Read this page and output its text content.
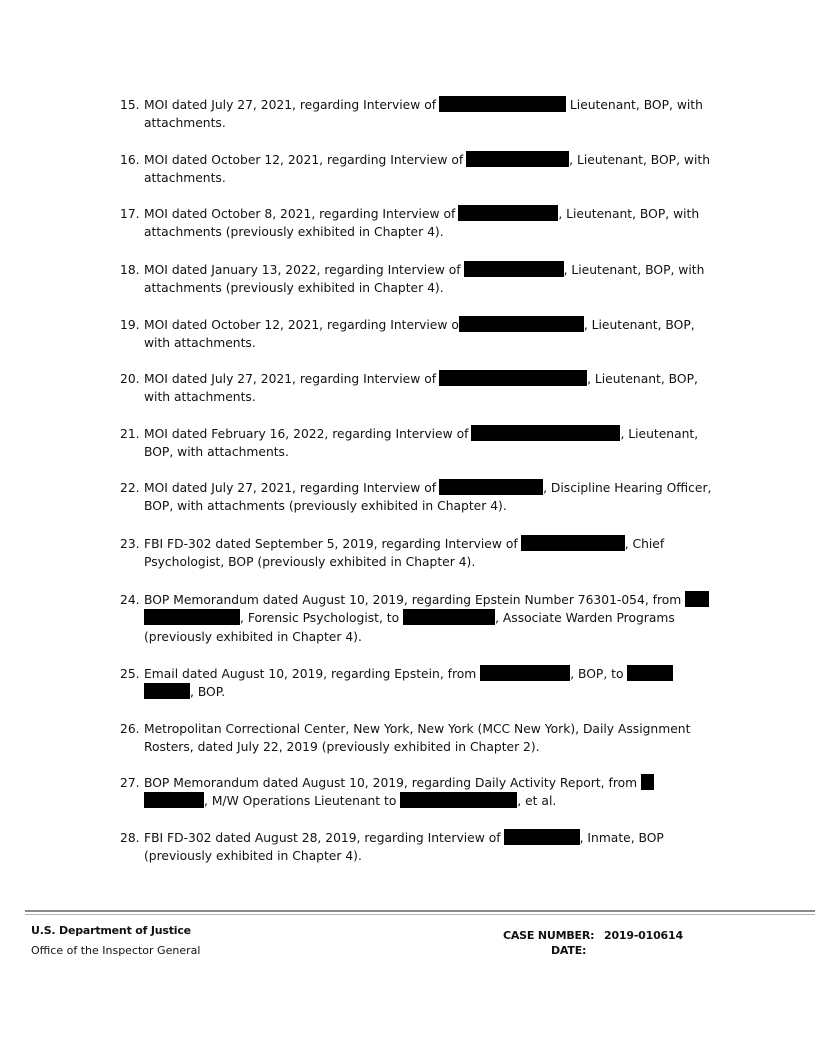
15. MOI dated July 27, 2021, regarding Interview of	Lieutenant, BOP, with
attachments.
16. MOI dated October 12, 2021, regarding Interview of	, Lieutenant, BOP, with
attachments.
17. MOI dated October 8, 2021, regarding Interview of	, Lieutenant, BOP, with
attachments (previously exhibited in Chapter 4).
18. MOI dated January 13, 2022, regarding Interview of	, Lieutenant, BOP, with
attachments (previously exhibited in Chapter 4).
19. MOI dated October 12, 2021, regarding Interview o	, Lieutenant, BOP,
with attachments.
20. MOI dated July 27, 2021, regarding Interview of	, Lieutenant, BOP,
with attachments.
21. MOI dated February 16, 2022, regarding Interview of	, Lieutenant,
BOP, with attachments.
22. MOI dated July 27, 2021, regarding Interview of	, Discipline Hearing Officer,
BOP, with attachments (previously exhibited in Chapter 4).
23. FBI FD-302 dated September 5, 2019, regarding Interview of	, Chief
Psychologist, BOP (previously exhibited in Chapter 4).
24. BOP Memorandum dated August 10, 2019, regarding Epstein Number 76301-054, from
, Forensic Psychologist, to	, Associate Warden Programs
(previously exhibited in Chapter 4).
25. Email dated August 10, 2019, regarding Epstein, from	, BOP, to
, BOP.
26. Metropolitan Correctional Center, New York, New York (MCC New York), Daily Assignment
Rosters, dated July 22, 2019 (previously exhibited in Chapter 2).
27. BOP Memorandum dated August 10, 2019, regarding Daily Activity Report, from
, M/W Operations Lieutenant to	, et al.
28. FBI FD-302 dated August 28, 2019, regarding Interview of	, Inmate, BOP
(previously exhibited in Chapter 4).
U.S. Department of Justice
Office of the Inspector General
CASE NUMBER: 2019-010614
DATE:
